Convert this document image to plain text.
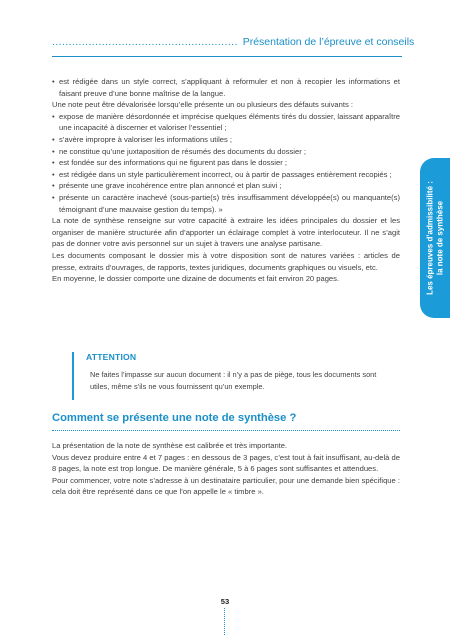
........................................................ Présentation de l’épreuve et conseils

• est rédigée dans un style correct, s’appliquant à reformuler et non à recopier les informations et faisant preuve d’une bonne maîtrise de la langue.

Une note peut être dévalorisée lorsqu’elle présente un ou plusieurs des défauts suivants :

• expose de manière désordonnée et imprécise quelques éléments tirés du dossier, laissant apparaître une incapacité à discerner et valoriser l’essentiel ;

• s’avère impropre à valoriser les informations utiles ;

• ne constitue qu’une juxtaposition de résumés des documents du dossier ;

• est fondée sur des informations qui ne figurent pas dans le dossier ;

• est rédigée dans un style particulièrement incorrect, ou à partir de passages entièrement recopiés ;

• présente une grave incohérence entre plan annoncé et plan suivi ;

• présente un caractère inachevé (sous-partie(s) très insuffisamment développée(s) ou manquante(s) témoignant d’une mauvaise gestion du temps). »

La note de synthèse renseigne sur votre capacité à extraire les idées principales du dossier et les organiser de manière structurée afin d’apporter un éclairage complet à votre interlocuteur. Il ne s’agit pas de donner votre avis personnel sur un sujet à travers une analyse partisane.

Les documents composant le dossier mis à votre disposition sont de natures variées : articles de presse, extraits d’ouvrages, de rapports, textes juridiques, documents graphiques ou visuels, etc.

En moyenne, le dossier comporte une dizaine de documents et fait environ 20 pages.	Les épreuves d’admissibilité : la note de synthèse
ATTENTION
Ne faites l’impasse sur aucun document : il n’y a pas de piège, tous les documents sont utiles, même s’ils ne vous fournissent qu’un exemple.
Comment se présente une note de synthèse ?

La présentation de la note de synthèse est calibrée et très importante.

Vous devez produire entre 4 et 7 pages : en dessous de 3 pages, c’est tout à fait insuffisant, au-delà de 8 pages, la note est trop longue. De manière générale, 5 à 6 pages sont suffisantes et attendues.

Pour commencer, votre note s’adresse à un destinataire particulier, pour une demande bien spécifique : cela doit être représenté dans ce que l’on appelle le « timbre ».

53
